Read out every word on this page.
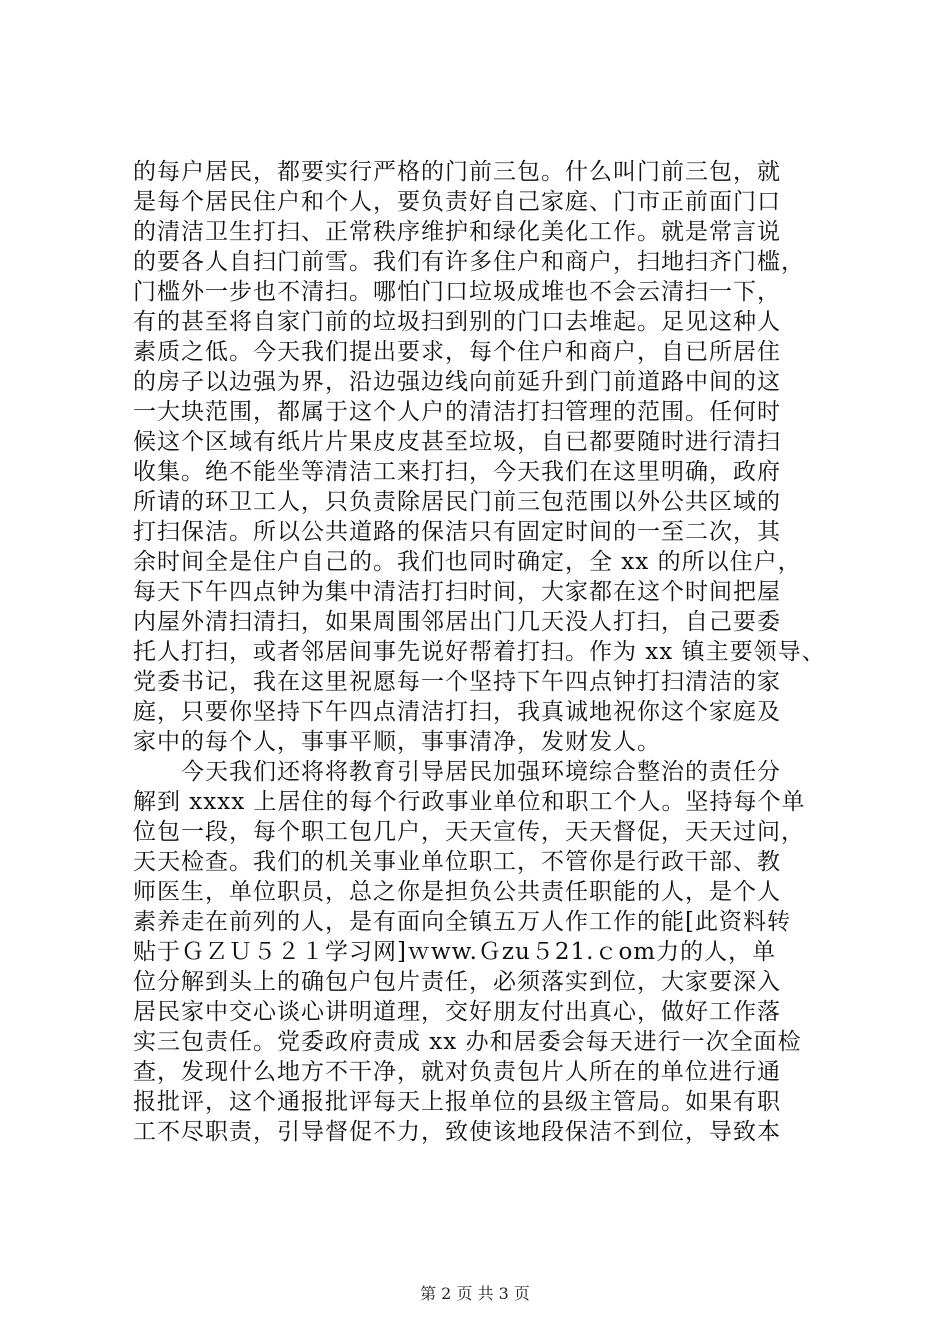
的每户居民，都要实行严格的门前三包。什么叫门前三包，就
是每个居民住户和个人，要负责好自己家庭、门市正前面门口
的清洁卫生打扫、正常秩序维护和绿化美化工作。就是常言说
的要各人自扫门前雪。我们有许多住户和商户，扫地扫齐门槛，
门槛外一步也不清扫。哪怕门口垃圾成堆也不会云清扫一下，
有的甚至将自家门前的垃圾扫到别的门口去堆起。足见这种人
素质之低。今天我们提出要求，每个住户和商户，自已所居住
的房子以边强为界，沿边强边线向前延升到门前道路中间的这
一大块范围，都属于这个人户的清洁打扫管理的范围。任何时
候这个区域有纸片片果皮皮甚至垃圾，自已都要随时进行清扫
收集。绝不能坐等清洁工来打扫，今天我们在这里明确，政府
所请的环卫工人，只负责除居民门前三包范围以外公共区域的
打扫保洁。所以公共道路的保洁只有固定时间的一至二次，其
余时间全是住户自己的。我们也同时确定，全 xx 的所以住户，
每天下午四点钟为集中清洁打扫时间，大家都在这个时间把屋
内屋外清扫清扫，如果周围邻居出门几天没人打扫，自己要委
托人打扫，或者邻居间事先说好帮着打扫。作为 xx 镇主要领导、
党委书记，我在这里祝愿每一个坚持下午四点钟打扫清洁的家
庭，只要你坚持下午四点清洁打扫，我真诚地祝你这个家庭及
家中的每个人，事事平顺，事事清净，发财发人。
　　今天我们还将将教育引导居民加强环境综合整治的责任分
解到 xxxx 上居住的每个行政事业单位和职工个人。坚持每个单
位包一段，每个职工包几户，天天宣传，天天督促，天天过问，
天天检查。我们的机关事业单位职工，不管你是行政干部、教
师医生，单位职员，总之你是担负公共责任职能的人，是个人
素养走在前列的人，是有面向全镇五万人作工作的能[此资料转
贴于ＧＺＵ５２１学习网]ｗww.Ｇzu５21.ｃom力的人，单
位分解到头上的确包户包片责任，必须落实到位，大家要深入
居民家中交心谈心讲明道理，交好朋友付出真心，做好工作落
实三包责任。党委政府责成 xx 办和居委会每天进行一次全面检
查，发现什么地方不干净，就对负责包片人所在的单位进行通
报批评，这个通报批评每天上报单位的县级主管局。如果有职
工不尽职责，引导督促不力，致使该地段保洁不到位，导致本
第 2 页 共 3 页
